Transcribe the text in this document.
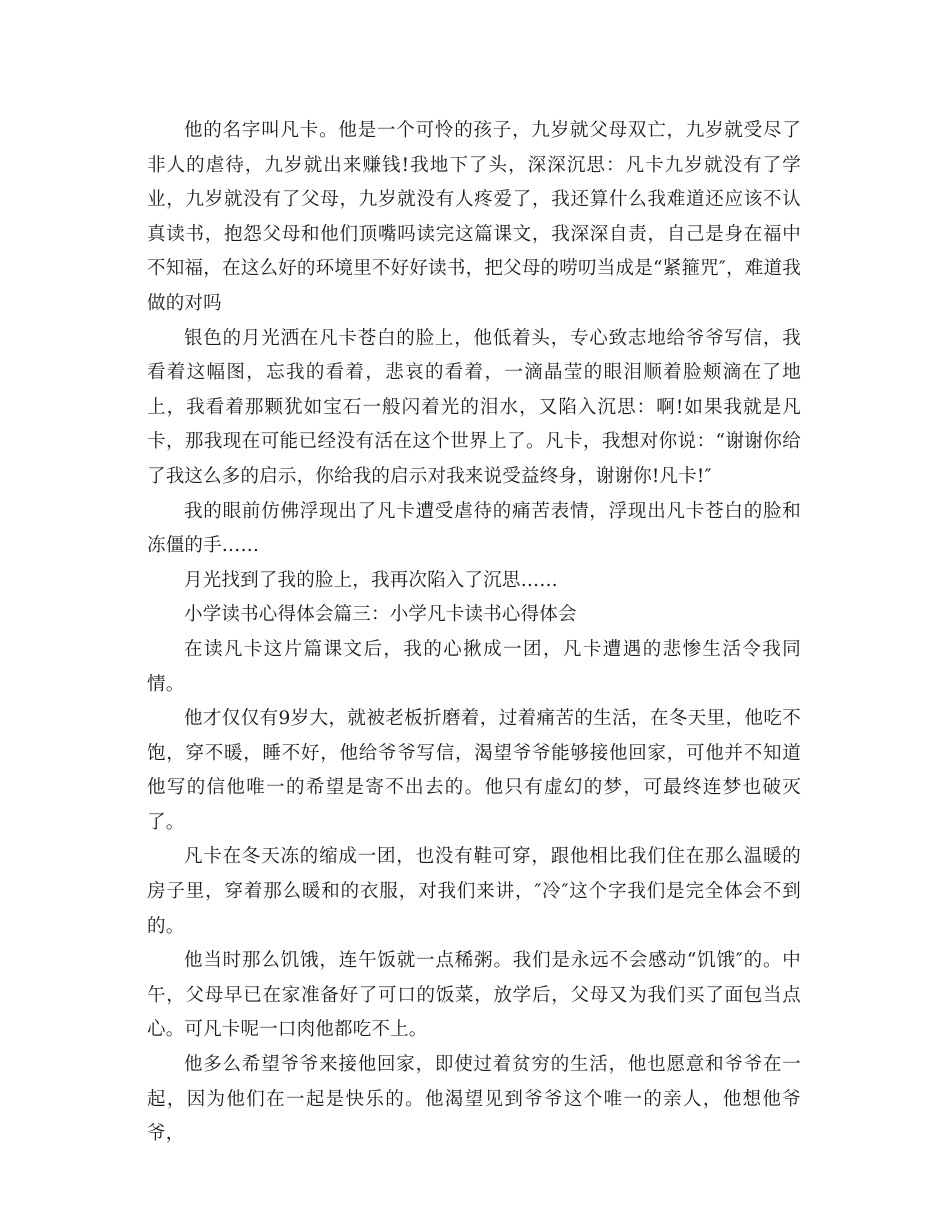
他的名字叫凡卡。他是一个可怜的孩子，九岁就父母双亡，九岁就受尽了非人的虐待，九岁就出来赚钱!我地下了头，深深沉思：凡卡九岁就没有了学业，九岁就没有了父母，九岁就没有人疼爱了，我还算什么我难道还应该不认真读书，抱怨父母和他们顶嘴吗读完这篇课文，我深深自责，自己是身在福中不知福，在这么好的环境里不好好读书，把父母的唠叨当成是“紧箍咒″，难道我做的对吗

银色的月光洒在凡卡苍白的脸上，他低着头，专心致志地给爷爷写信，我看着这幅图，忘我的看着，悲哀的看着，一滴晶莹的眼泪顺着脸颊滴在了地上，我看着那颗犹如宝石一般闪着光的泪水，又陷入沉思：啊!如果我就是凡卡，那我现在可能已经没有活在这个世界上了。凡卡，我想对你说：“谢谢你给了我这么多的启示，你给我的启示对我来说受益终身，谢谢你!凡卡!″

我的眼前仿佛浮现出了凡卡遭受虐待的痛苦表情，浮现出凡卡苍白的脸和冻僵的手……

月光找到了我的脸上，我再次陷入了沉思……

小学读书心得体会篇三：小学凡卡读书心得体会

在读凡卡这片篇课文后，我的心揪成一团，凡卡遭遇的悲惨生活令我同情。

他才仅仅有9岁大，就被老板折磨着，过着痛苦的生活，在冬天里，他吃不饱，穿不暖，睡不好，他给爷爷写信，渴望爷爷能够接他回家，可他并不知道他写的信他唯一的希望是寄不出去的。他只有虚幻的梦，可最终连梦也破灭了。

凡卡在冬天冻的缩成一团，也没有鞋可穿，跟他相比我们住在那么温暖的房子里，穿着那么暖和的衣服，对我们来讲，″冷″这个字我们是完全体会不到的。

他当时那么饥饿，连午饭就一点稀粥。我们是永远不会感动“饥饿″的。中午，父母早已在家准备好了可口的饭菜，放学后，父母又为我们买了面包当点心。可凡卡呢一口肉他都吃不上。

他多么希望爷爷来接他回家，即使过着贫穷的生活，他也愿意和爷爷在一起，因为他们在一起是快乐的。他渴望见到爷爷这个唯一的亲人，他想他爷爷，
